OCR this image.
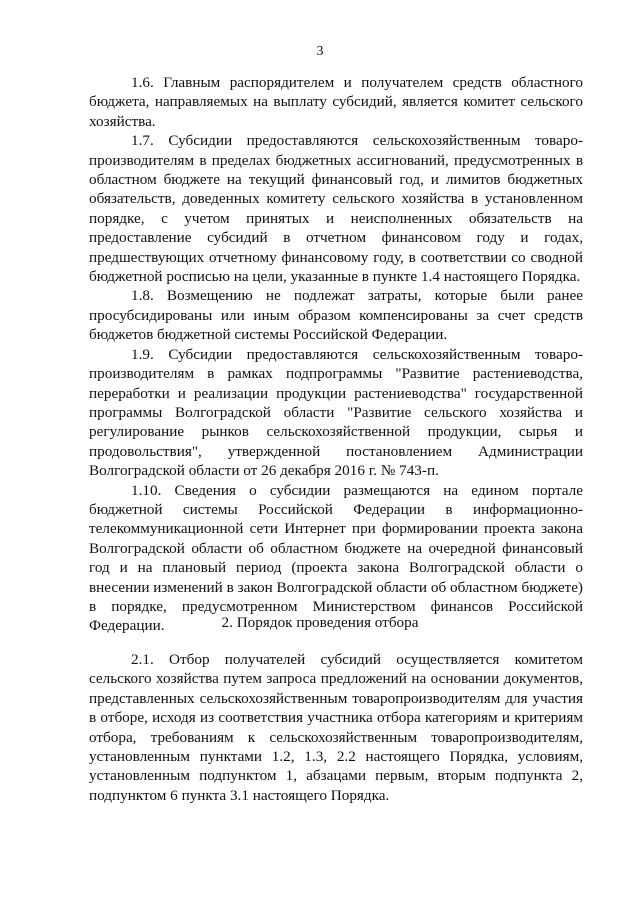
3

1.6. Главным распорядителем и получателем средств областного бюджета, направляемых на выплату субсидий, является комитет сельского хозяйства.

1.7. Субсидии предоставляются сельскохозяйственным товаропроизводителям в пределах бюджетных ассигнований, предусмотренных в областном бюджете на текущий финансовый год, и лимитов бюджетных обязательств, доведенных комитету сельского хозяйства в установленном порядке, с учетом принятых и неисполненных обязательств на предоставление субсидий в отчетном финансовом году и годах, предшествующих отчетному финансовому году, в соответствии со сводной бюджетной росписью на цели, указанные в пункте 1.4 настоящего Порядка.

1.8. Возмещению не подлежат затраты, которые были ранее просубсидированы или иным образом компенсированы за счет средств бюджетов бюджетной системы Российской Федерации.

1.9. Субсидии предоставляются сельскохозяйственным товаропроизводителям в рамках подпрограммы "Развитие растениеводства, переработки и реализации продукции растениеводства" государственной программы Волгоградской области "Развитие сельского хозяйства и регулирование рынков сельскохозяйственной продукции, сырья и продовольствия", утвержденной постановлением Администрации Волгоградской области от 26 декабря 2016 г. № 743-п.

1.10. Сведения о субсидии размещаются на едином портале бюджетной системы Российской Федерации в информационно-телекоммуникационной сети Интернет при формировании проекта закона Волгоградской области об областном бюджете на очередной финансовый год и на плановый период (проекта закона Волгоградской области о внесении изменений в закон Волгоградской области об областном бюджете) в порядке, предусмотренном Министерством финансов Российской Федерации.	2. Порядок проведения отбора

2.1. Отбор получателей субсидий осуществляется комитетом сельского хозяйства путем запроса предложений на основании документов, представленных сельскохозяйственным товаропроизводителям для участия в отборе, исходя из соответствия участника отбора категориям и критериям отбора, требованиям к сельскохозяйственным товаропроизводителям, установленным пунктами 1.2, 1.3, 2.2 настоящего Порядка, условиям, установленным подпунктом 1, абзацами первым, вторым подпункта 2, подпунктом 6 пункта 3.1 настоящего Порядка.
